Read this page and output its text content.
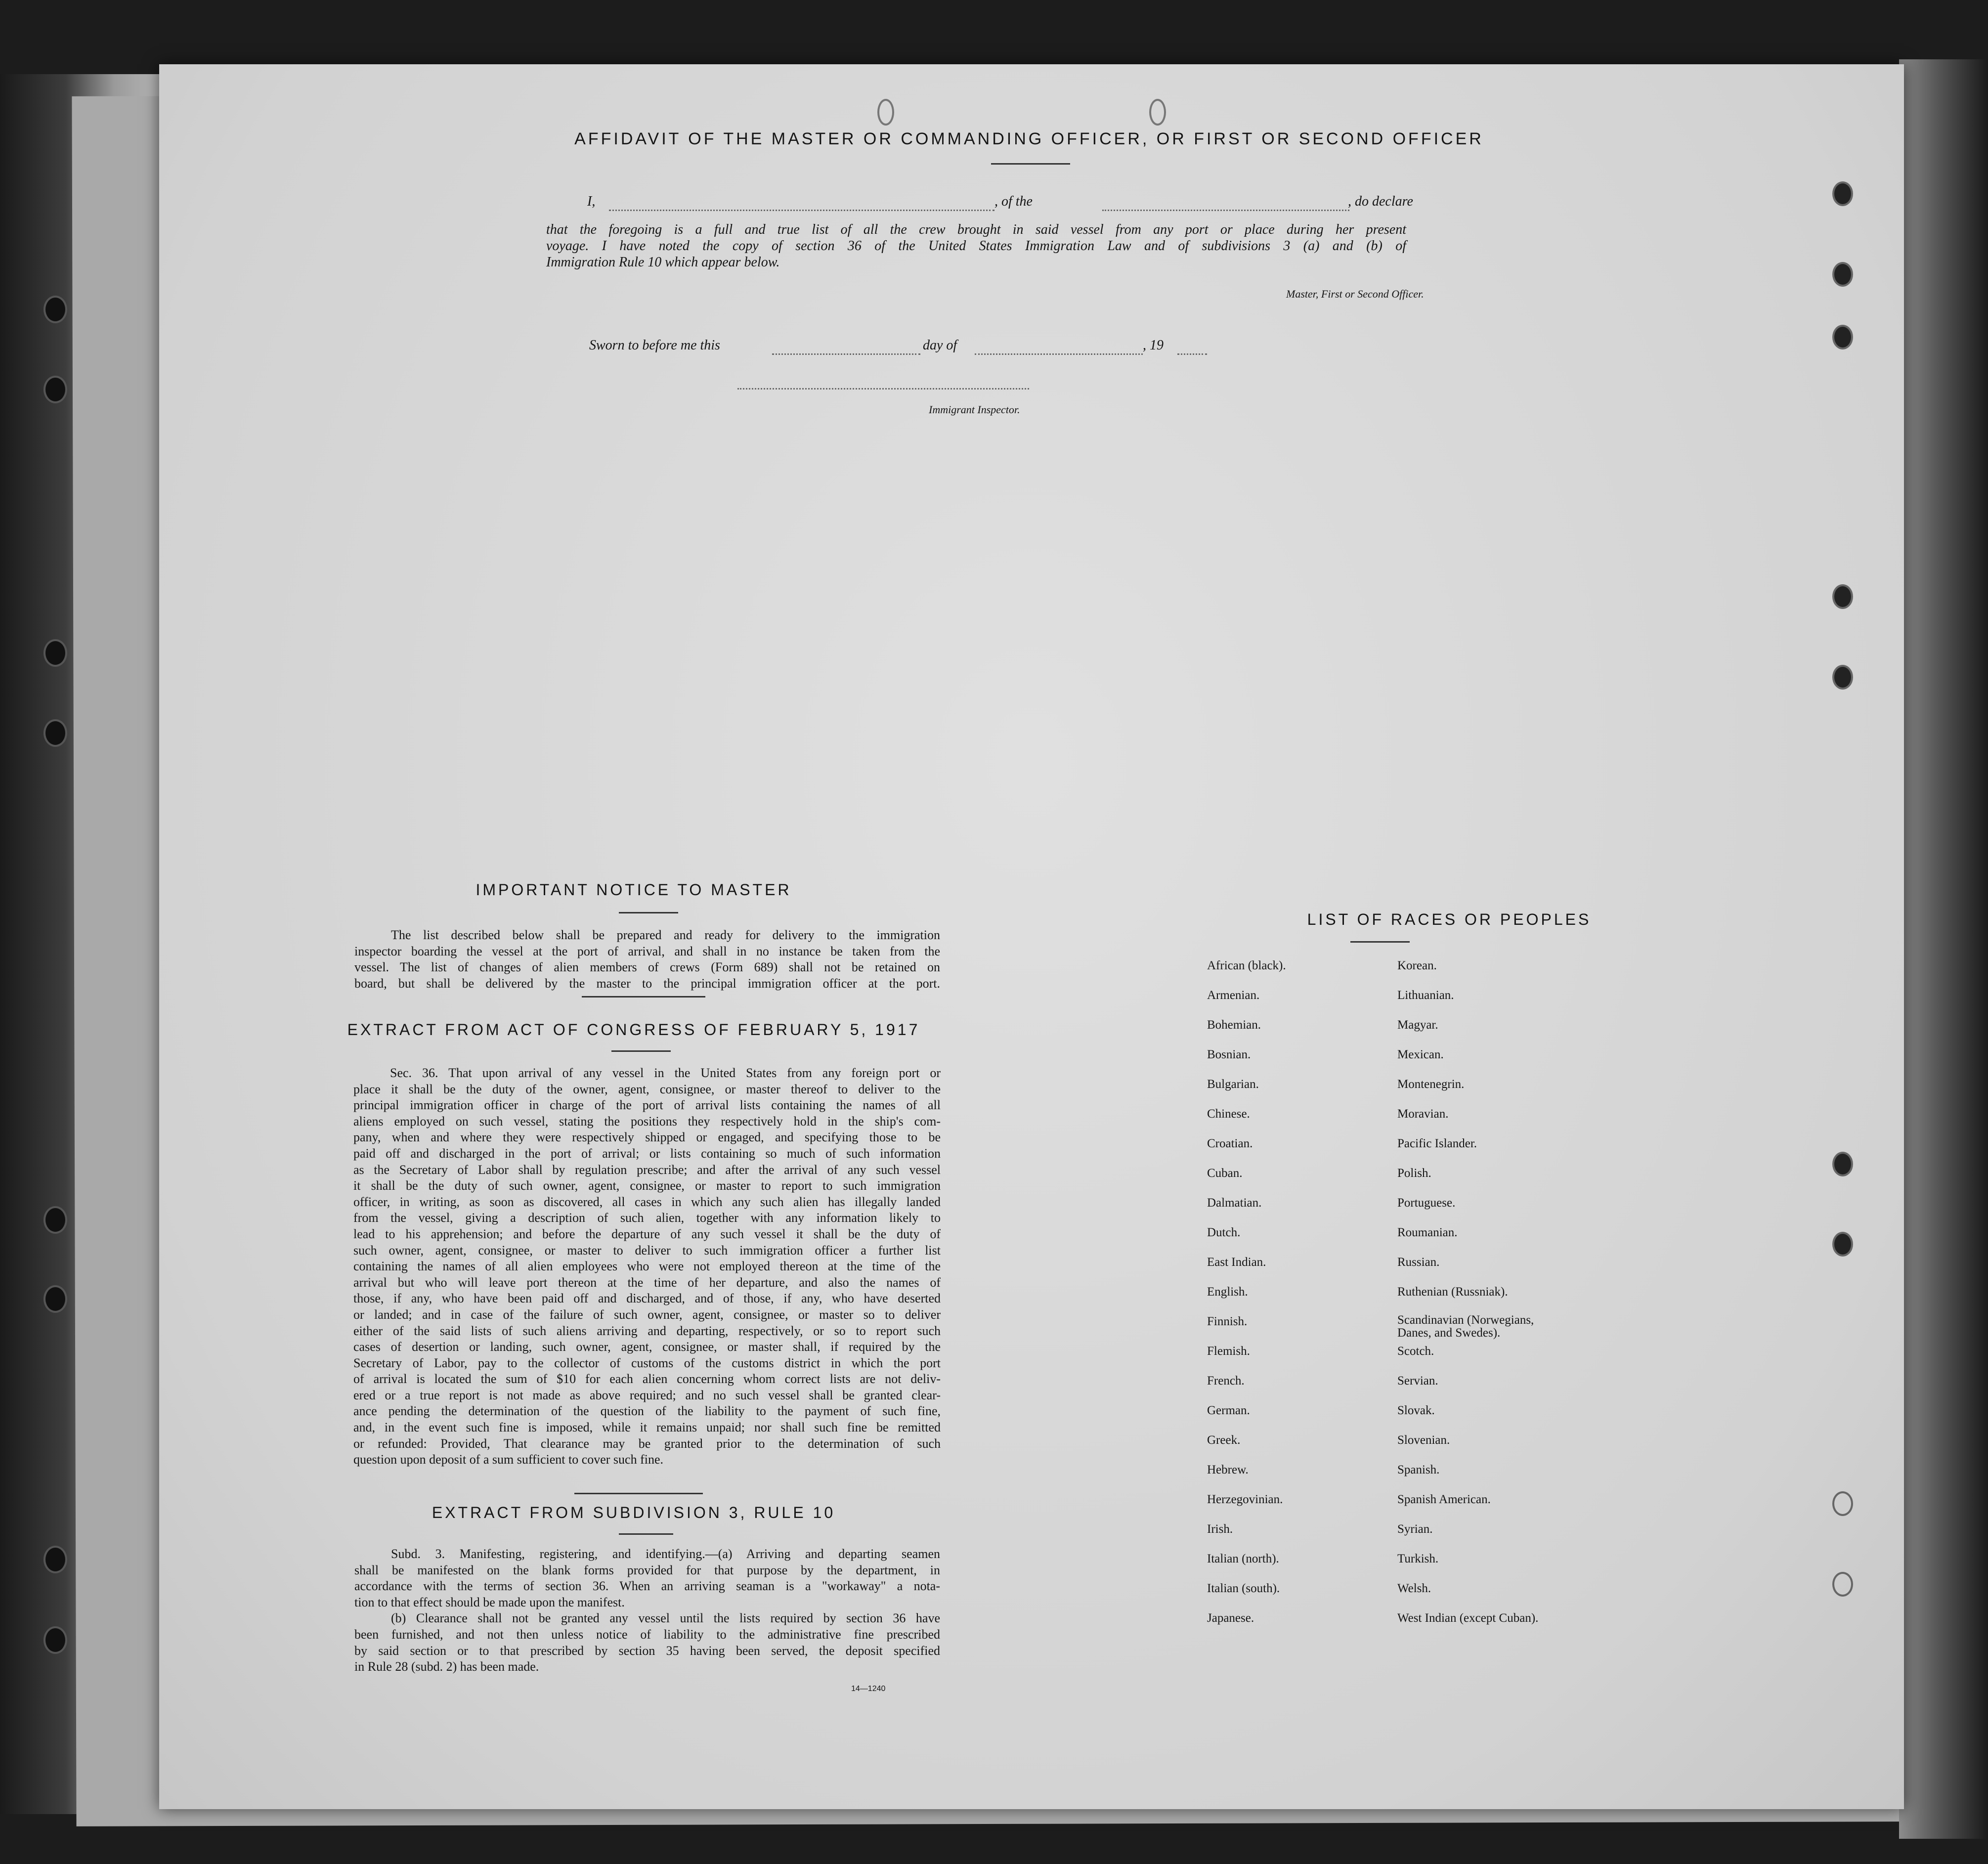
AFFIDAVIT OF THE MASTER OR COMMANDING OFFICER, OR FIRST OR SECOND OFFICER
I,	, of the	, do declare
that the foregoing is a full and true list of all the crew brought in said vessel from any port or place during her present
voyage. I have noted the copy of section 36 of the United States Immigration Law and of subdivisions 3 (a) and (b) of
Immigration Rule 10 which appear below.
Master, First or Second Officer.
Sworn to before me this	day of	, 19
Immigrant Inspector.
IMPORTANT NOTICE TO MASTER
The list described below shall be prepared and ready for delivery to the immigration
inspector boarding the vessel at the port of arrival, and shall in no instance be taken from the
vessel. The list of changes of alien members of crews (Form 689) shall not be retained on
board, but shall be delivered by the master to the principal immigration officer at the port.
EXTRACT FROM ACT OF CONGRESS OF FEBRUARY 5, 1917
Sec. 36. That upon arrival of any vessel in the United States from any foreign port or
place it shall be the duty of the owner, agent, consignee, or master thereof to deliver to the
principal immigration officer in charge of the port of arrival lists containing the names of all
aliens employed on such vessel, stating the positions they respectively hold in the ship's com-
pany, when and where they were respectively shipped or engaged, and specifying those to be
paid off and discharged in the port of arrival; or lists containing so much of such information
as the Secretary of Labor shall by regulation prescribe; and after the arrival of any such vessel
it shall be the duty of such owner, agent, consignee, or master to report to such immigration
officer, in writing, as soon as discovered, all cases in which any such alien has illegally landed
from the vessel, giving a description of such alien, together with any information likely to
lead to his apprehension; and before the departure of any such vessel it shall be the duty of
such owner, agent, consignee, or master to deliver to such immigration officer a further list
containing the names of all alien employees who were not employed thereon at the time of the
arrival but who will leave port thereon at the time of her departure, and also the names of
those, if any, who have been paid off and discharged, and of those, if any, who have deserted
or landed; and in case of the failure of such owner, agent, consignee, or master so to deliver
either of the said lists of such aliens arriving and departing, respectively, or so to report such
cases of desertion or landing, such owner, agent, consignee, or master shall, if required by the
Secretary of Labor, pay to the collector of customs of the customs district in which the port
of arrival is located the sum of $10 for each alien concerning whom correct lists are not deliv-
ered or a true report is not made as above required; and no such vessel shall be granted clear-
ance pending the determination of the question of the liability to the payment of such fine,
and, in the event such fine is imposed, while it remains unpaid; nor shall such fine be remitted
or refunded: Provided, That clearance may be granted prior to the determination of such
question upon deposit of a sum sufficient to cover such fine.
EXTRACT FROM SUBDIVISION 3, RULE 10
Subd. 3. Manifesting, registering, and identifying.—(a) Arriving and departing seamen
shall be manifested on the blank forms provided for that purpose by the department, in
accordance with the terms of section 36. When an arriving seaman is a "workaway" a nota-
tion to that effect should be made upon the manifest.
(b) Clearance shall not be granted any vessel until the lists required by section 36 have
been furnished, and not then unless notice of liability to the administrative fine prescribed
by said section or to that prescribed by section 35 having been served, the deposit specified
in Rule 28 (subd. 2) has been made.
14—1240
LIST OF RACES OR PEOPLES
African (black).
Armenian.
Bohemian.
Bosnian.
Bulgarian.
Chinese.
Croatian.
Cuban.
Dalmatian.
Dutch.
East Indian.
English.
Finnish.
Flemish.
French.
German.
Greek.
Hebrew.
Herzegovinian.
Irish.
Italian (north).
Italian (south).
Japanese.
Korean.
Lithuanian.
Magyar.
Mexican.
Montenegrin.
Moravian.
Pacific Islander.
Polish.
Portuguese.
Roumanian.
Russian.
Ruthenian (Russniak).
Scandinavian (Norwegians, Danes, and Swedes).
Scotch.
Servian.
Slovak.
Slovenian.
Spanish.
Spanish American.
Syrian.
Turkish.
Welsh.
West Indian (except Cuban).
